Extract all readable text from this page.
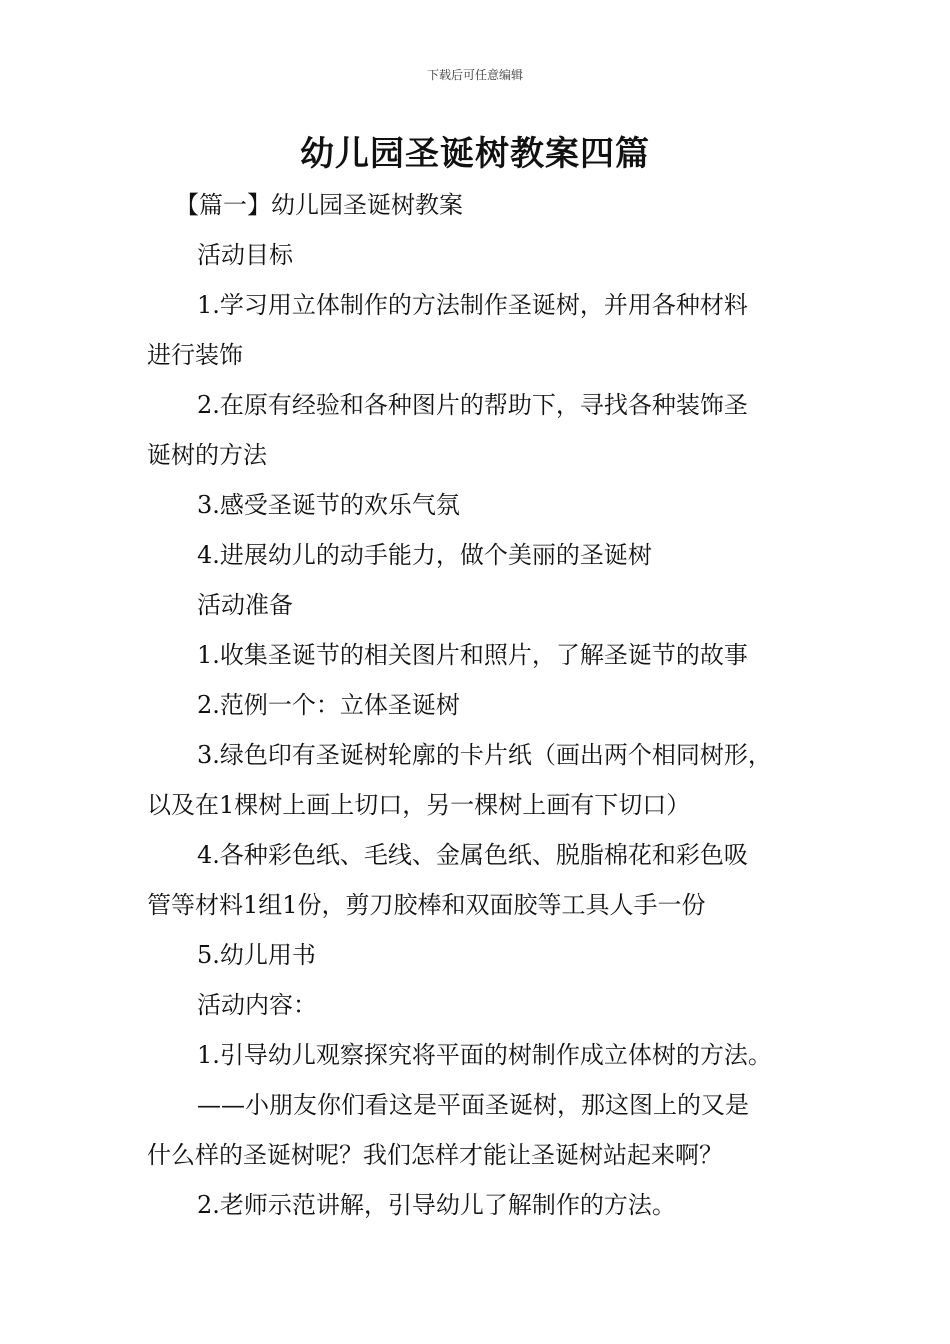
下载后可任意编辑
幼儿园圣诞树教案四篇
【篇一】幼儿园圣诞树教案
活动目标
1.学习用立体制作的方法制作圣诞树，并用各种材料
进行装饰
2.在原有经验和各种图片的帮助下，寻找各种装饰圣
诞树的方法
3.感受圣诞节的欢乐气氛
4.进展幼儿的动手能力，做个美丽的圣诞树
活动准备
1.收集圣诞节的相关图片和照片，了解圣诞节的故事
2.范例一个：立体圣诞树
3.绿色印有圣诞树轮廓的卡片纸（画出两个相同树形，
以及在1棵树上画上切口，另一棵树上画有下切口）
4.各种彩色纸、毛线、金属色纸、脱脂棉花和彩色吸
管等材料1组1份，剪刀胶棒和双面胶等工具人手一份
5.幼儿用书
活动内容：
1.引导幼儿观察探究将平面的树制作成立体树的方法。
——小朋友你们看这是平面圣诞树，那这图上的又是
什么样的圣诞树呢？我们怎样才能让圣诞树站起来啊？
2.老师示范讲解，引导幼儿了解制作的方法。
